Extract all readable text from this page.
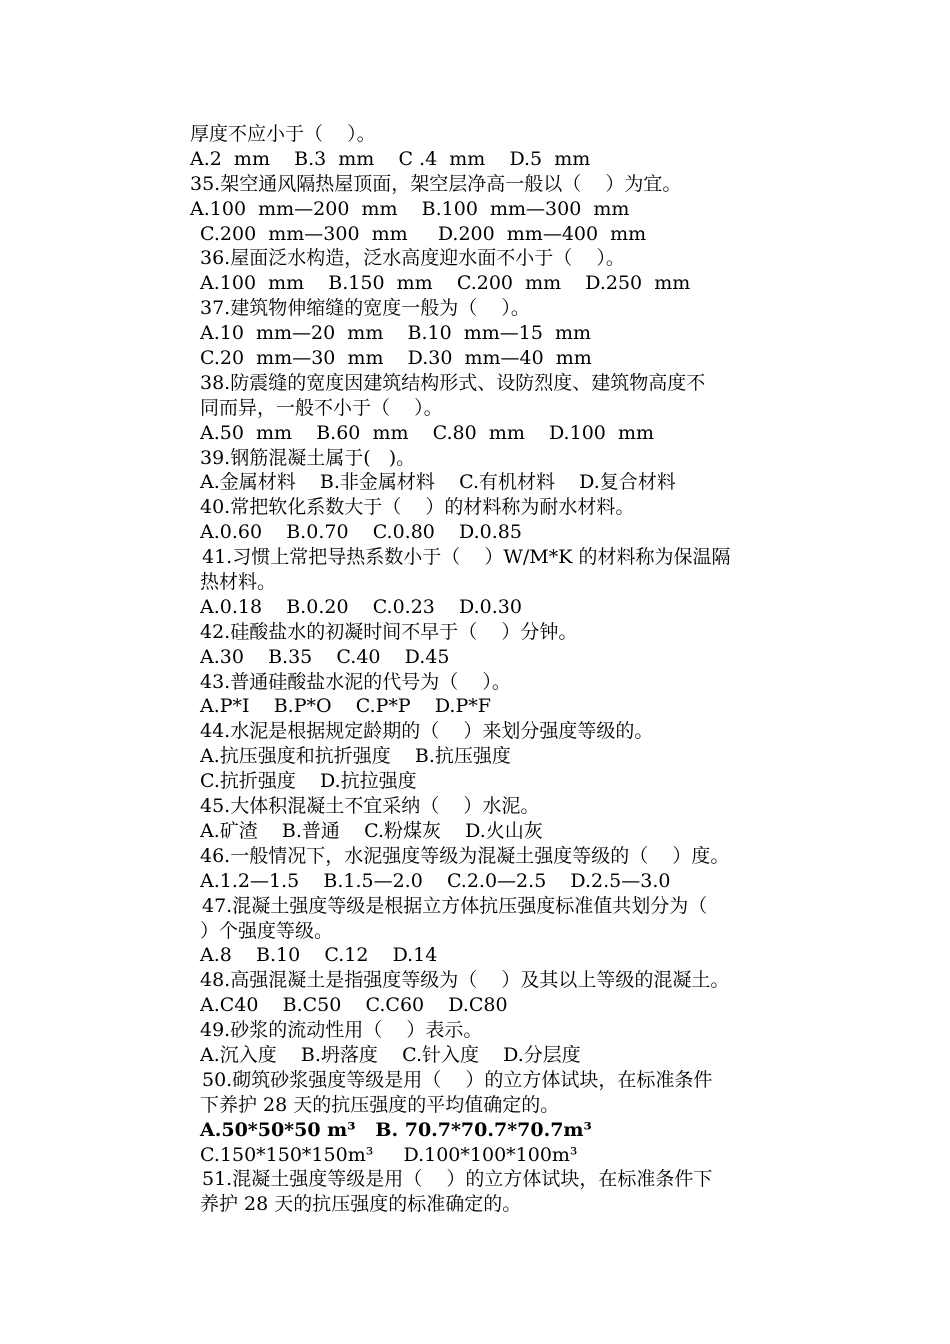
厚度不应小于（    ）。
A.2  mm    B.3  mm    C .4  mm    D.5  mm
35.架空通风隔热屋顶面，架空层净高一般以（    ）为宜。
A.100  mm—200  mm    B.100  mm—300  mm
C.200  mm—300  mm     D.200  mm—400  mm
36.屋面泛水构造，泛水高度迎水面不小于（    ）。
A.100  mm    B.150  mm    C.200  mm    D.250  mm
37.建筑物伸缩缝的宽度一般为（    ）。
A.10  mm—20  mm    B.10  mm—15  mm
C.20  mm—30  mm    D.30  mm—40  mm
38.防震缝的宽度因建筑结构形式、设防烈度、建筑物高度不
同而异，一般不小于（    ）。
A.50  mm    B.60  mm    C.80  mm    D.100  mm
39.钢筋混凝土属于(   )。
A.金属材料    B.非金属材料    C.有机材料    D.复合材料
40.常把软化系数大于（    ）的材料称为耐水材料。
A.0.60    B.0.70    C.0.80    D.0.85
41.习惯上常把导热系数小于（    ）W/M*K 的材料称为保温隔
热材料。
A.0.18    B.0.20    C.0.23    D.0.30
42.硅酸盐水的初凝时间不早于（    ）分钟。
A.30    B.35    C.40    D.45
43.普通硅酸盐水泥的代号为（    ）。
A.P*I    B.P*O    C.P*P    D.P*F
44.水泥是根据规定龄期的（    ）来划分强度等级的。
A.抗压强度和抗折强度    B.抗压强度
C.抗折强度    D.抗拉强度
45.大体积混凝土不宜采纳（    ）水泥。
A.矿渣    B.普通    C.粉煤灰    D.火山灰
46.一般情况下，水泥强度等级为混凝土强度等级的（    ）度。
A.1.2—1.5    B.1.5—2.0    C.2.0—2.5    D.2.5—3.0
47.混凝土强度等级是根据立方体抗压强度标准值共划分为（
）个强度等级。
A.8    B.10    C.12    D.14
48.高强混凝土是指强度等级为（    ）及其以上等级的混凝土。
A.C40    B.C50    C.C60    D.C80
49.砂浆的流动性用（    ）表示。
A.沉入度    B.坍落度    C.针入度    D.分层度
50.砌筑砂浆强度等级是用（    ）的立方体试块，在标准条件
下养护 28 天的抗压强度的平均值确定的。
A.50*50*50 m³   B. 70.7*70.7*70.7m³
C.150*150*150m³     D.100*100*100m³
51.混凝土强度等级是用（    ）的立方体试块，在标准条件下
养护 28 天的抗压强度的标准确定的。
